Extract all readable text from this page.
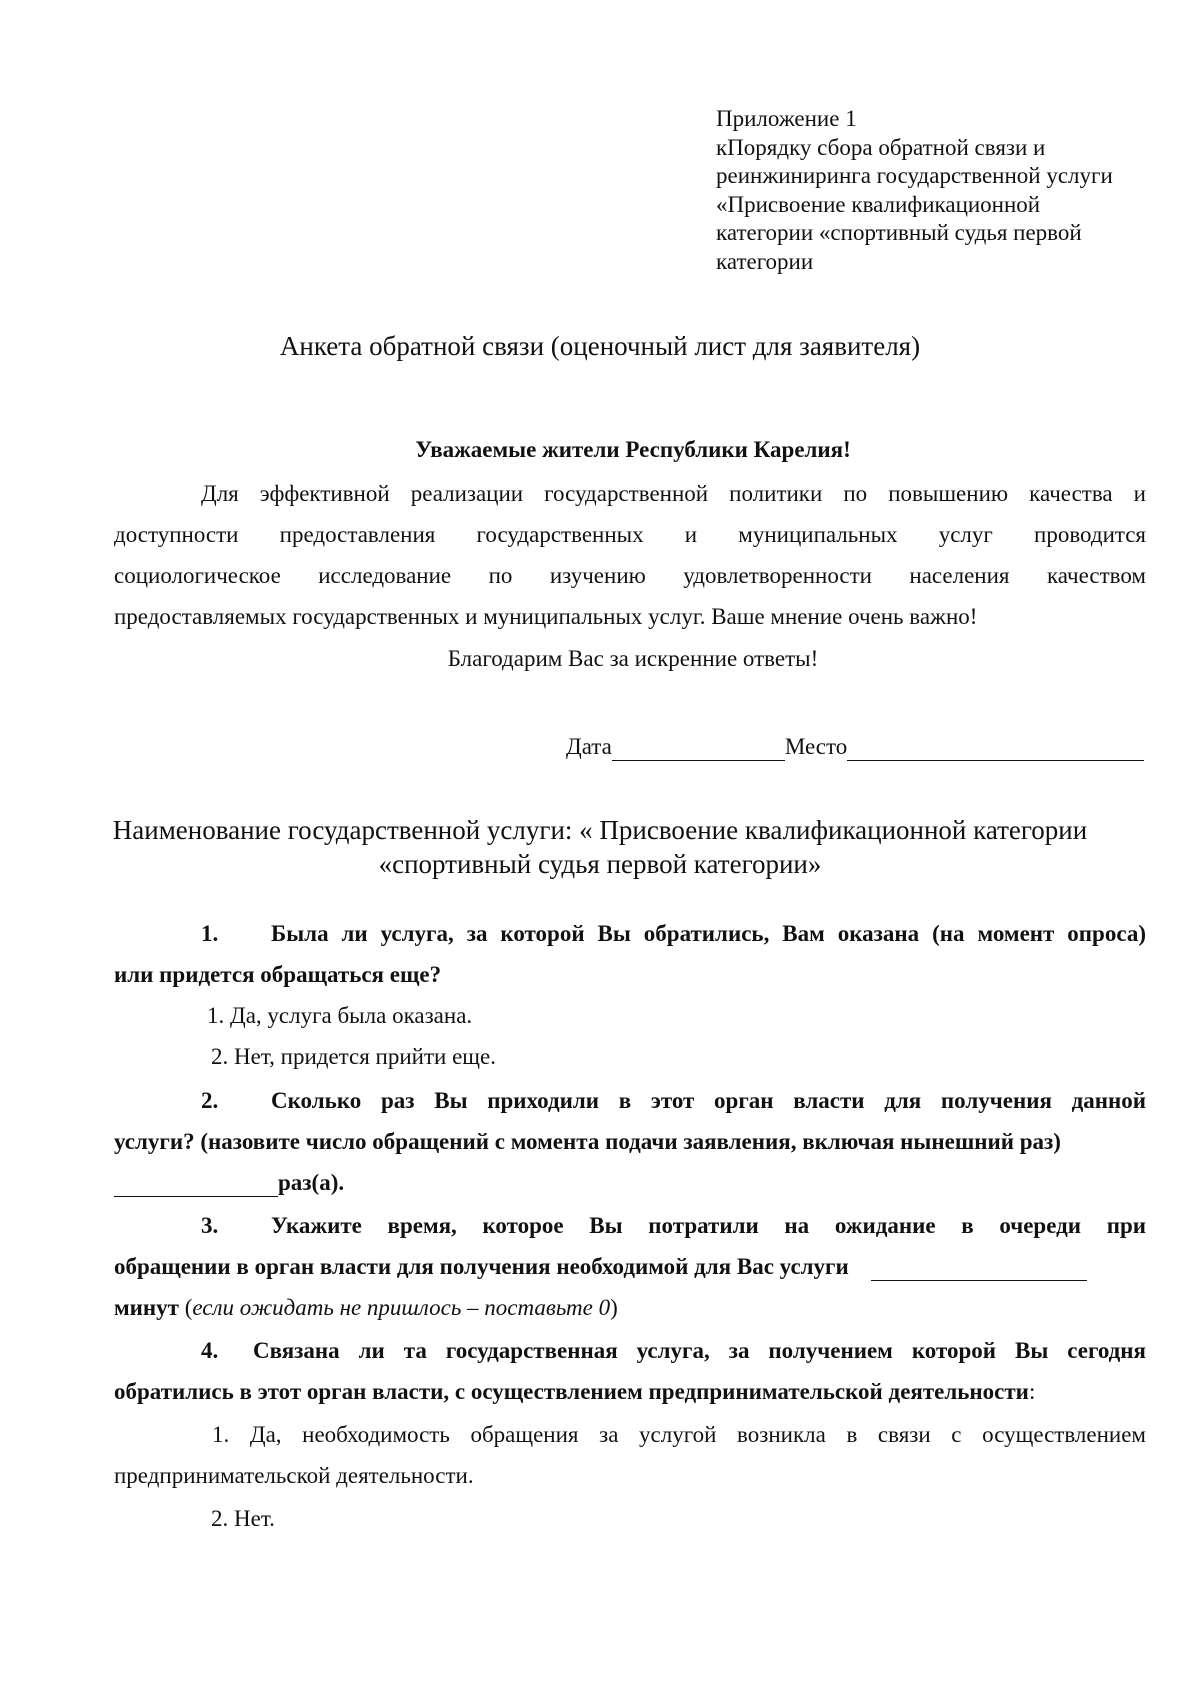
Приложение 1
кПорядку сбора обратной связи и
реинжиниринга государственной услуги
«Присвоение квалификационной
категории «спортивный судья первой
категории
Анкета обратной связи (оценочный лист для заявителя)
Уважаемые жители Республики Карелия!
Для эффективной реализации государственной политики по повышению качества и
доступности предоставления государственных и муниципальных услуг проводится
социологическое исследование по изучению удовлетворенности населения качеством
предоставляемых государственных и муниципальных услуг. Ваше мнение очень важно!
Благодарим Вас за искренние ответы!
Дата	Место
Наименование государственной услуги: « Присвоение квалификационной категории
«спортивный судья первой категории»
1. Была ли услуга, за которой Вы обратились, Вам оказана (на момент опроса)
или придется обращаться еще?
1. Да, услуга была оказана.
2. Нет, придется прийти еще.
2. Сколько раз Вы приходили в этот орган власти для получения данной
услуги? (назовите число обращений с момента подачи заявления, включая нынешний раз)
раз(а).
3. Укажите время, которое Вы потратили на ожидание в очереди при
обращении в орган власти для получения необходимой для Вас услуги
минут (если ожидать не пришлось – поставьте 0)
4. Связана ли та государственная услуга, за получением которой Вы сегодня
обратились в этот орган власти, с осуществлением предпринимательской деятельности:
1. Да, необходимость обращения за услугой возникла в связи с осуществлением
предпринимательской деятельности.
2. Нет.
